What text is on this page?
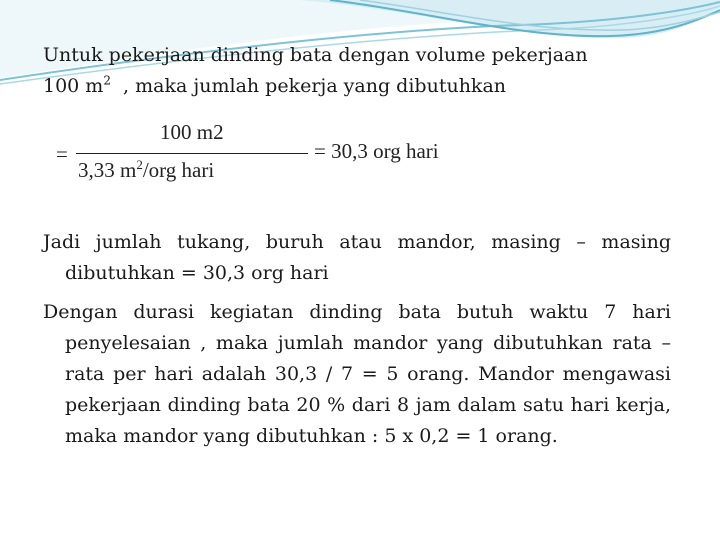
Untuk pekerjaan dinding bata dengan volume pekerjaan

100 $m^2$  , maka jumlah pekerja yang dibutuhkan

=
100 m2
3,33 $m^2$/org hari
= 30,3 org hari

Jadi jumlah tukang, buruh atau mandor, masing – masing dibutuhkan = 30,3 org hari

Dengan durasi kegiatan dinding bata butuh waktu 7 hari penyelesaian , maka jumlah mandor yang dibutuhkan rata – rata per hari adalah 30,3 / 7 = 5 orang. Mandor mengawasi pekerjaan dinding bata 20 % dari 8 jam dalam satu hari kerja, maka mandor yang dibutuhkan : 5 x 0,2 = 1 orang.
